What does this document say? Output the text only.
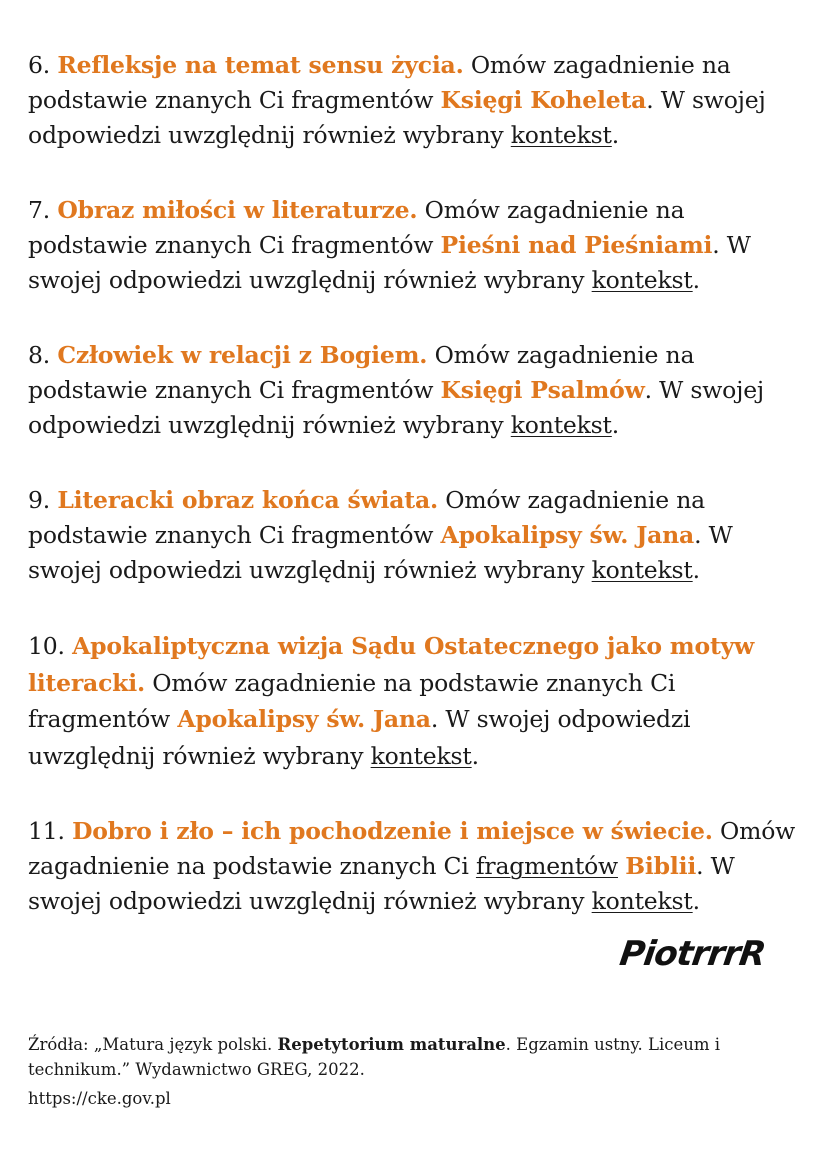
6. Refleksje na temat sensu życia. Omów zagadnienie na podstawie znanych Ci fragmentów Księgi Koheleta. W swojej odpowiedzi uwzględnij również wybrany kontekst.

7. Obraz miłości w literaturze. Omów zagadnienie na podstawie znanych Ci fragmentów Pieśni nad Pieśniami. W swojej odpowiedzi uwzględnij również wybrany kontekst.

8. Człowiek w relacji z Bogiem. Omów zagadnienie na podstawie znanych Ci fragmentów Księgi Psalmów. W swojej odpowiedzi uwzględnij również wybrany kontekst.

9. Literacki obraz końca świata. Omów zagadnienie na podstawie znanych Ci fragmentów Apokalipsy św. Jana. W swojej odpowiedzi uwzględnij również wybrany kontekst.

10. Apokaliptyczna wizja Sądu Ostatecznego jako motyw literacki. Omów zagadnienie na podstawie znanych Ci fragmentów Apokalipsy św. Jana. W swojej odpowiedzi uwzględnij również wybrany kontekst.

11. Dobro i zło – ich pochodzenie i miejsce w świecie. Omów zagadnienie na podstawie znanych Ci fragmentów Biblii. W swojej odpowiedzi uwzględnij również wybrany kontekst.

PiotrrrR
Źródła: „Matura język polski. Repetytorium maturalne. Egzamin ustny. Liceum i technikum.” Wydawnictwo GREG, 2022.
https://cke.gov.pl
